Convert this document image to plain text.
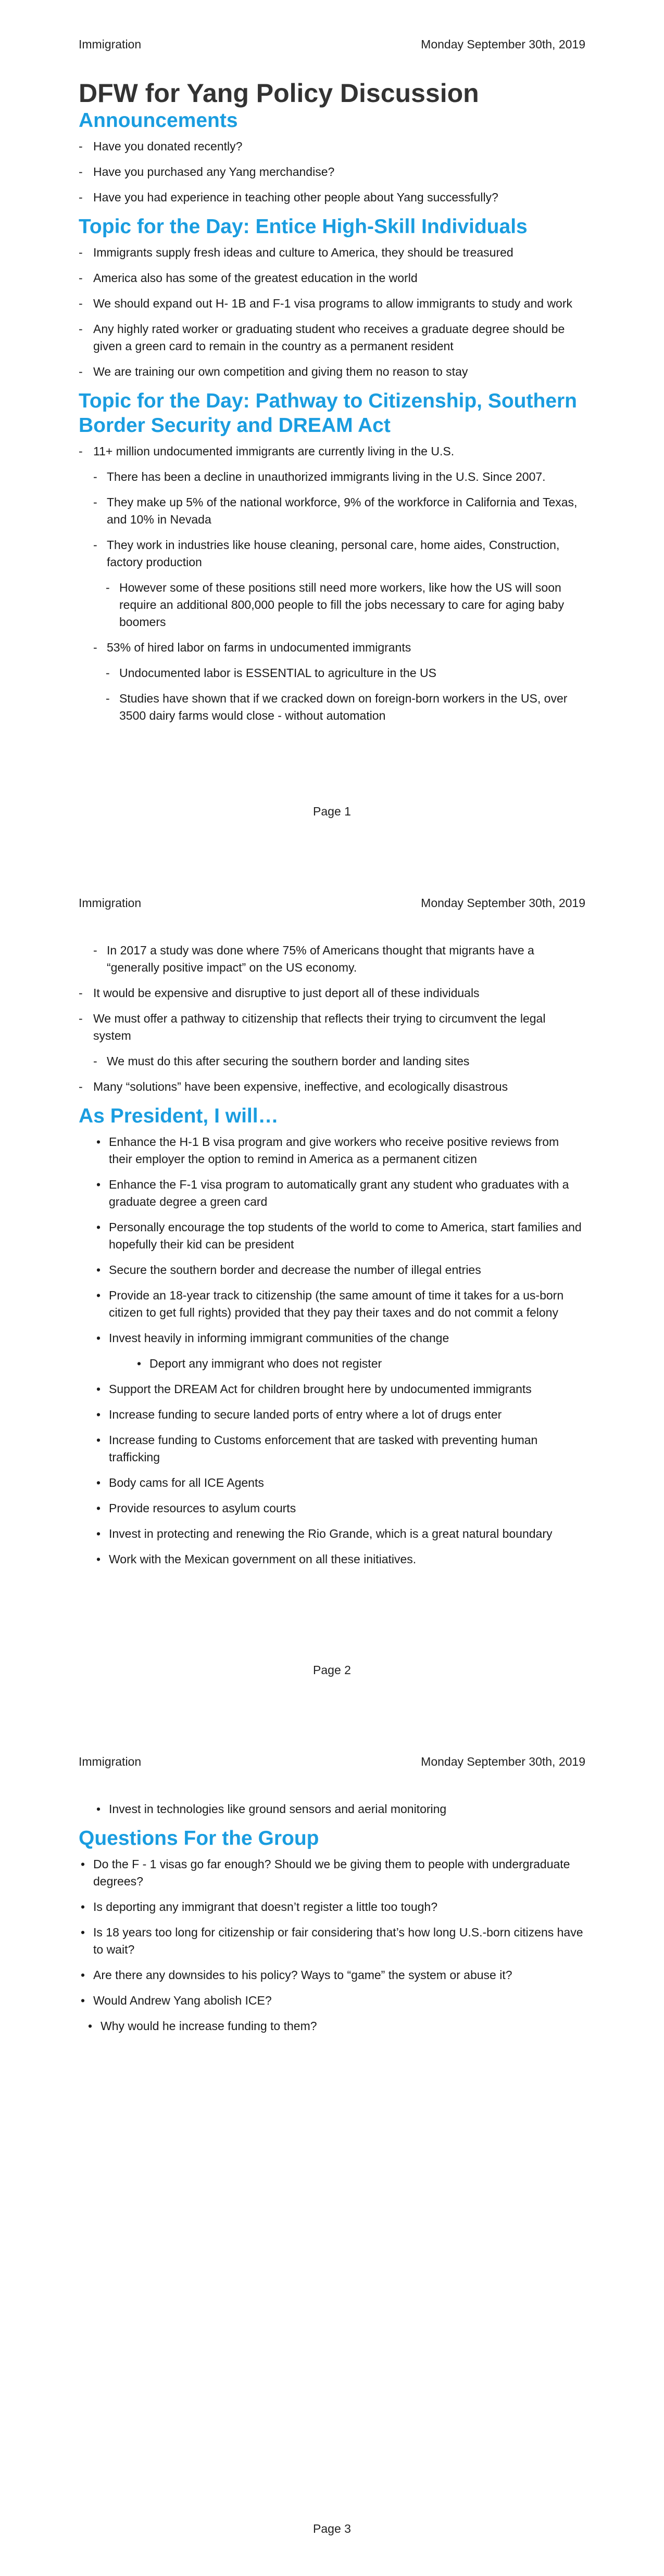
Immigration	Monday September 30th, 2019
DFW for Yang Policy Discussion
Announcements
- Have you donated recently?
- Have you purchased any Yang merchandise?
- Have you had experience in teaching other people about Yang successfully?
Topic for the Day: Entice High-Skill Individuals
- Immigrants supply fresh ideas and culture to America, they should be treasured
- America also has some of the greatest education in the world
- We should expand out H- 1B and F-1 visa programs to allow immigrants to study and work
- Any highly rated worker or graduating student who receives a graduate degree should be given a green card to remain in the country as a permanent resident
- We are training our own competition and giving them no reason to stay
Topic for the Day: Pathway to Citizenship, Southern Border Security and DREAM Act
- 11+ million undocumented immigrants are currently living in the U.S.
- There has been a decline in unauthorized immigrants living in the U.S. Since 2007.
- They make up 5% of the national workforce, 9% of the workforce in California and Texas, and 10% in Nevada
- They work in industries like house cleaning, personal care, home aides, Construction, factory production
- However some of these positions still need more workers, like how the US will soon require an additional 800,000 people to fill the jobs necessary to care for aging baby boomers
- 53% of hired labor on farms in undocumented immigrants
- Undocumented labor is ESSENTIAL to agriculture in the US
- Studies have shown that if we cracked down on foreign-born workers in the US, over 3500 dairy farms would close - without automation
Page 1
Immigration	Monday September 30th, 2019
- In 2017 a study was done where 75% of Americans thought that migrants have a “generally positive impact” on the US economy.
- It would be expensive and disruptive to just deport all of these individuals
- We must offer a pathway to citizenship that reflects their trying to circumvent the legal system
- We must do this after securing the southern border and landing sites
- Many “solutions” have been expensive, ineffective, and ecologically disastrous
As President, I will…
• Enhance the H-1 B visa program and give workers who receive positive reviews from their employer the option to remind in America as a permanent citizen
• Enhance the F-1 visa program to automatically grant any student who graduates with a graduate degree a green card
• Personally encourage the top students of the world to come to America, start families and hopefully their kid can be president
• Secure the southern border and decrease the number of illegal entries
• Provide an 18-year track to citizenship (the same amount of time it takes for a us-born citizen to get full rights) provided that they pay their taxes and do not commit a felony
• Invest heavily in informing immigrant communities of the change
• Deport any immigrant who does not register
• Support the DREAM Act for children brought here by undocumented immigrants
• Increase funding to secure landed ports of entry where a lot of drugs enter
• Increase funding to Customs enforcement that are tasked with preventing human trafficking
• Body cams for all ICE Agents
• Provide resources to asylum courts
• Invest in protecting and renewing the Rio Grande, which is a great natural boundary
• Work with the Mexican government on all these initiatives.
Page 2
Immigration	Monday September 30th, 2019
• Invest in technologies like ground sensors and aerial monitoring
Questions For the Group
• Do the F - 1 visas go far enough? Should we be giving them to people with undergraduate degrees?
• Is deporting any immigrant that doesn’t register a little too tough?
• Is 18 years too long for citizenship or fair considering that’s how long U.S.-born citizens have to wait?
• Are there any downsides to his policy? Ways to “game” the system or abuse it?
• Would Andrew Yang abolish ICE?
• Why would he increase funding to them?
Page 3
